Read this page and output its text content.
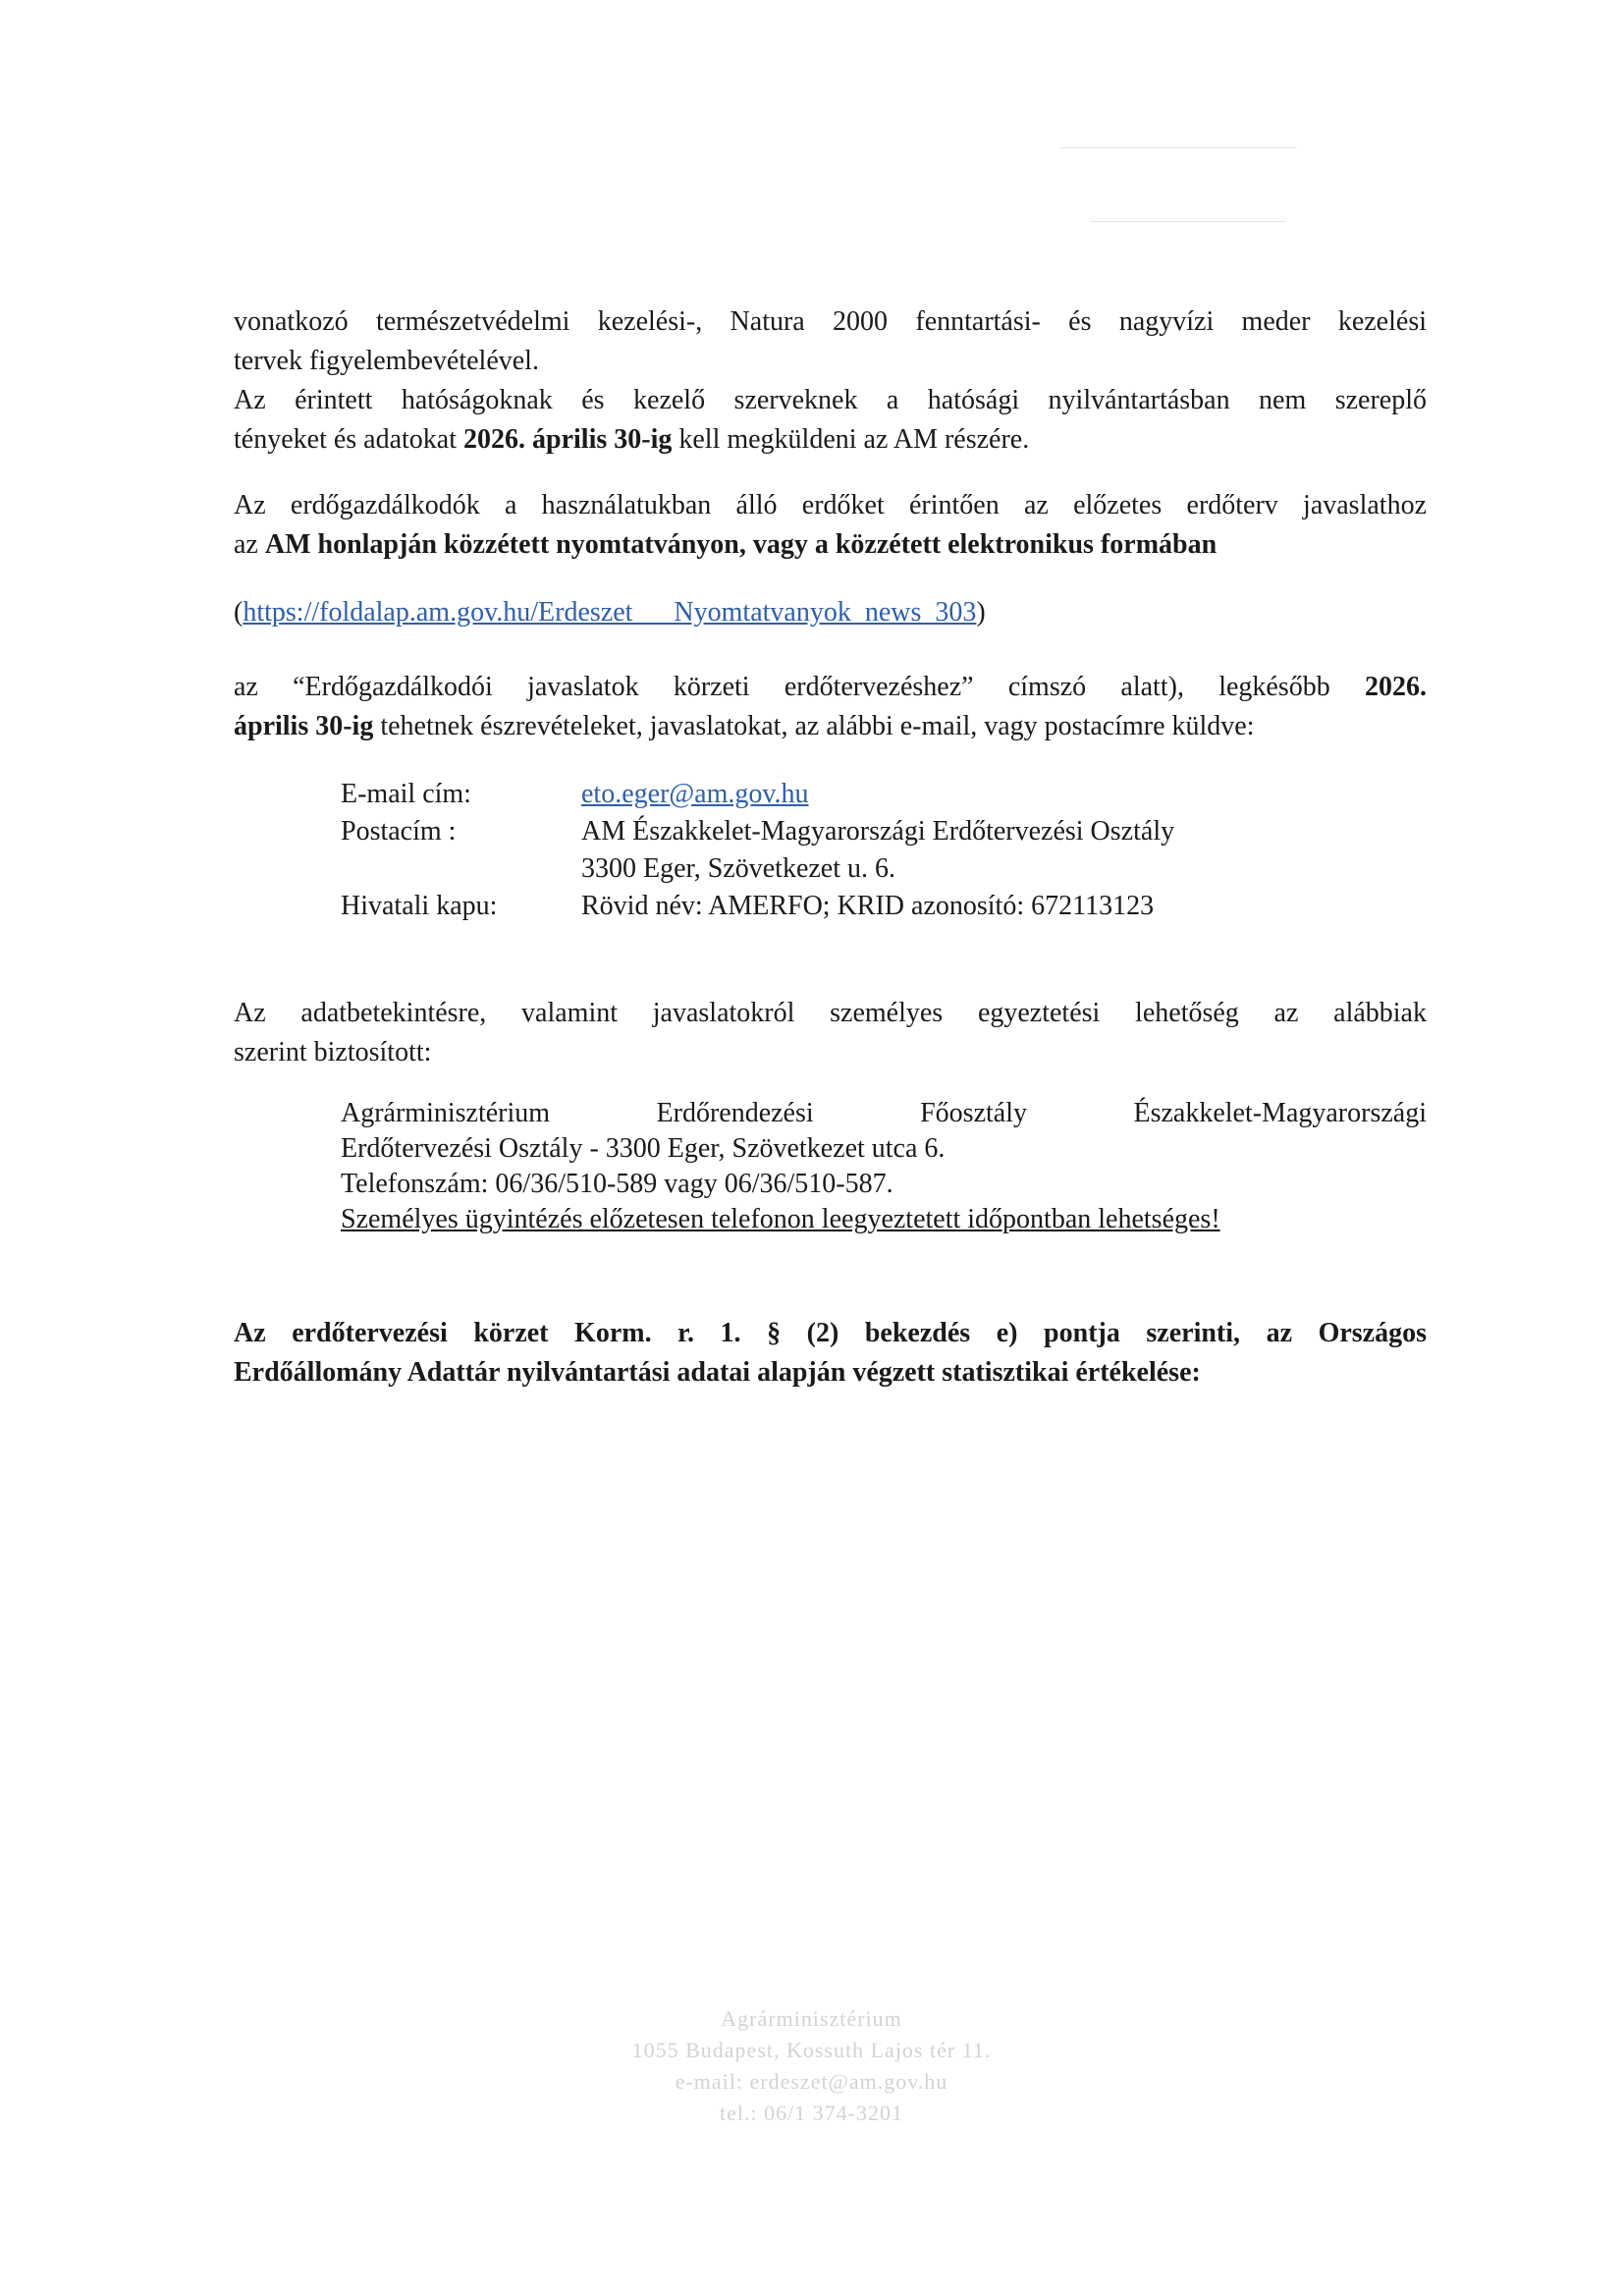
vonatkozó természetvédelmi kezelési-, Natura 2000 fenntartási- és nagyvízi meder kezelési
tervek figyelembevételével.
Az érintett hatóságoknak és kezelő szerveknek a hatósági nyilvántartásban nem szereplő
tényeket és adatokat 2026. április 30-ig kell megküldeni az AM részére.
Az erdőgazdálkodók a használatukban álló erdőket érintően az előzetes erdőterv javaslathoz
az AM honlapján közzétett nyomtatványon, vagy a közzétett elektronikus formában
(https://foldalap.am.gov.hu/Erdeszet___Nyomtatvanyok_news_303)
az “Erdőgazdálkodói javaslatok körzeti erdőtervezéshez” címszó alatt), legkésőbb 2026.
április 30-ig tehetnek észrevételeket, javaslatokat, az alábbi e-mail, vagy postacímre küldve:
E-mail cím:	eto.eger@am.gov.hu
Postacím :	AM Északkelet-Magyarországi Erdőtervezési Osztály
3300 Eger, Szövetkezet u. 6.
Hivatali kapu:	Rövid név: AMERFO; KRID azonosító: 672113123
Az adatbetekintésre, valamint javaslatokról személyes egyeztetési lehetőség az alábbiak
szerint biztosított:
Agrárminisztérium Erdőrendezési Főosztály Északkelet-Magyarországi
Erdőtervezési Osztály - 3300 Eger, Szövetkezet utca 6.
Telefonszám: 06/36/510-589 vagy 06/36/510-587.
Személyes ügyintézés előzetesen telefonon leegyeztetett időpontban lehetséges!
Az erdőtervezési körzet Korm. r. 1. § (2) bekezdés e) pontja szerinti, az Országos
Erdőállomány Adattár nyilvántartási adatai alapján végzett statisztikai értékelése:
Agrárminisztérium
1055 Budapest, Kossuth Lajos tér 11.
e-mail: erdeszet@am.gov.hu
tel.: 06/1 374-3201
